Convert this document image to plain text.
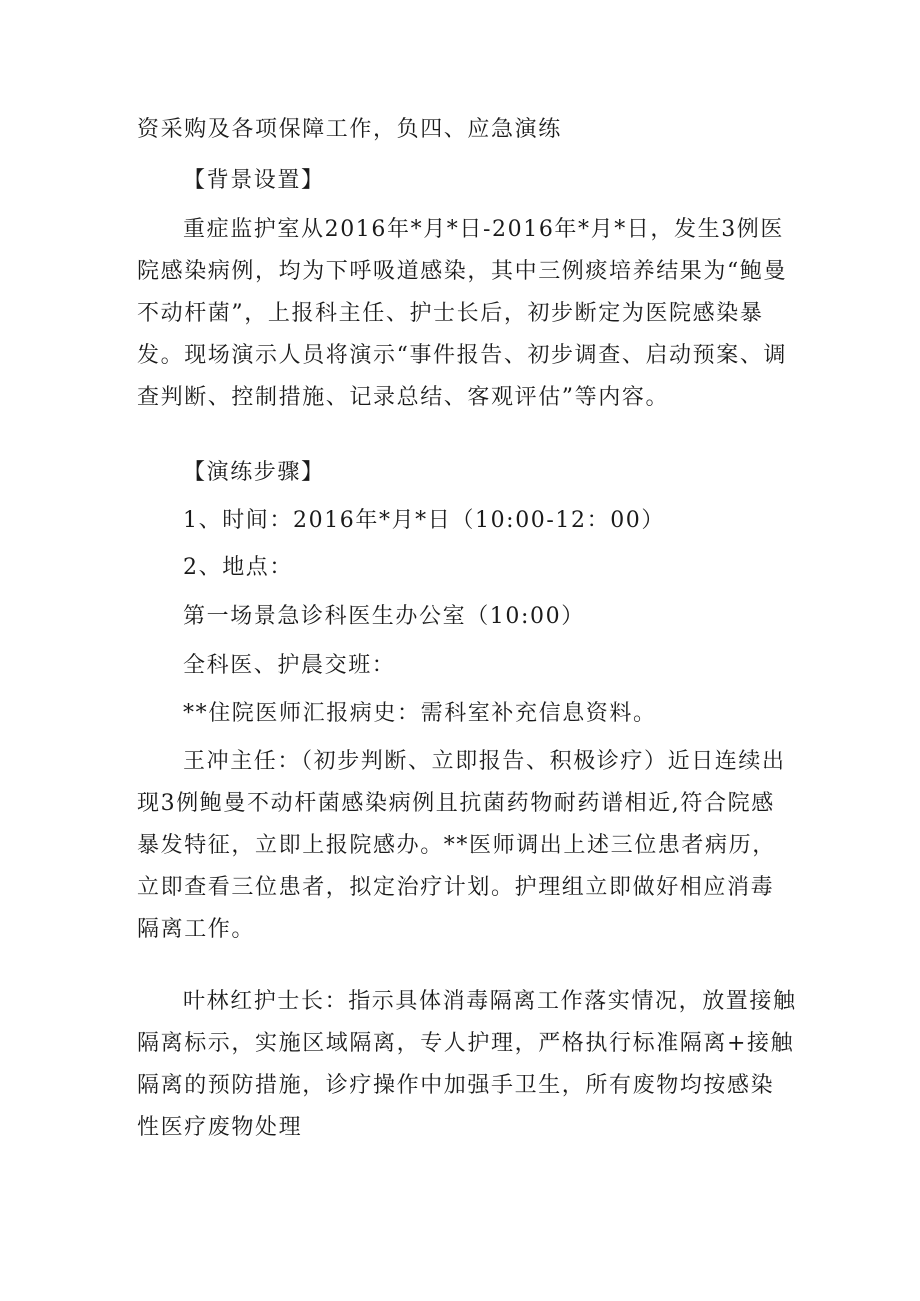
资采购及各项保障工作，负四、应急演练
【背景设置】
重症监护室从2016年*月*日-2016年*月*日，发生3例医院感染病例，均为下呼吸道感染，其中三例痰培养结果为“鲍曼不动杆菌”，上报科主任、护士长后，初步断定为医院感染暴发。现场演示人员将演示“事件报告、初步调查、启动预案、调查判断、控制措施、记录总结、客观评估”等内容。
【演练步骤】
1、时间：2016年*月*日（10:00-12：00）
2、地点：
第一场景急诊科医生办公室（10:00）
全科医、护晨交班：
**住院医师汇报病史：需科室补充信息资料。
王冲主任：（初步判断、立即报告、积极诊疗）近日连续出现3例鲍曼不动杆菌感染病例且抗菌药物耐药谱相近,符合院感暴发特征，立即上报院感办。**医师调出上述三位患者病历，立即查看三位患者，拟定治疗计划。护理组立即做好相应消毒隔离工作。
叶林红护士长：指示具体消毒隔离工作落实情况，放置接触隔离标示，实施区域隔离，专人护理，严格执行标准隔离+接触隔离的预防措施，诊疗操作中加强手卫生，所有废物均按感染性医疗废物处理
